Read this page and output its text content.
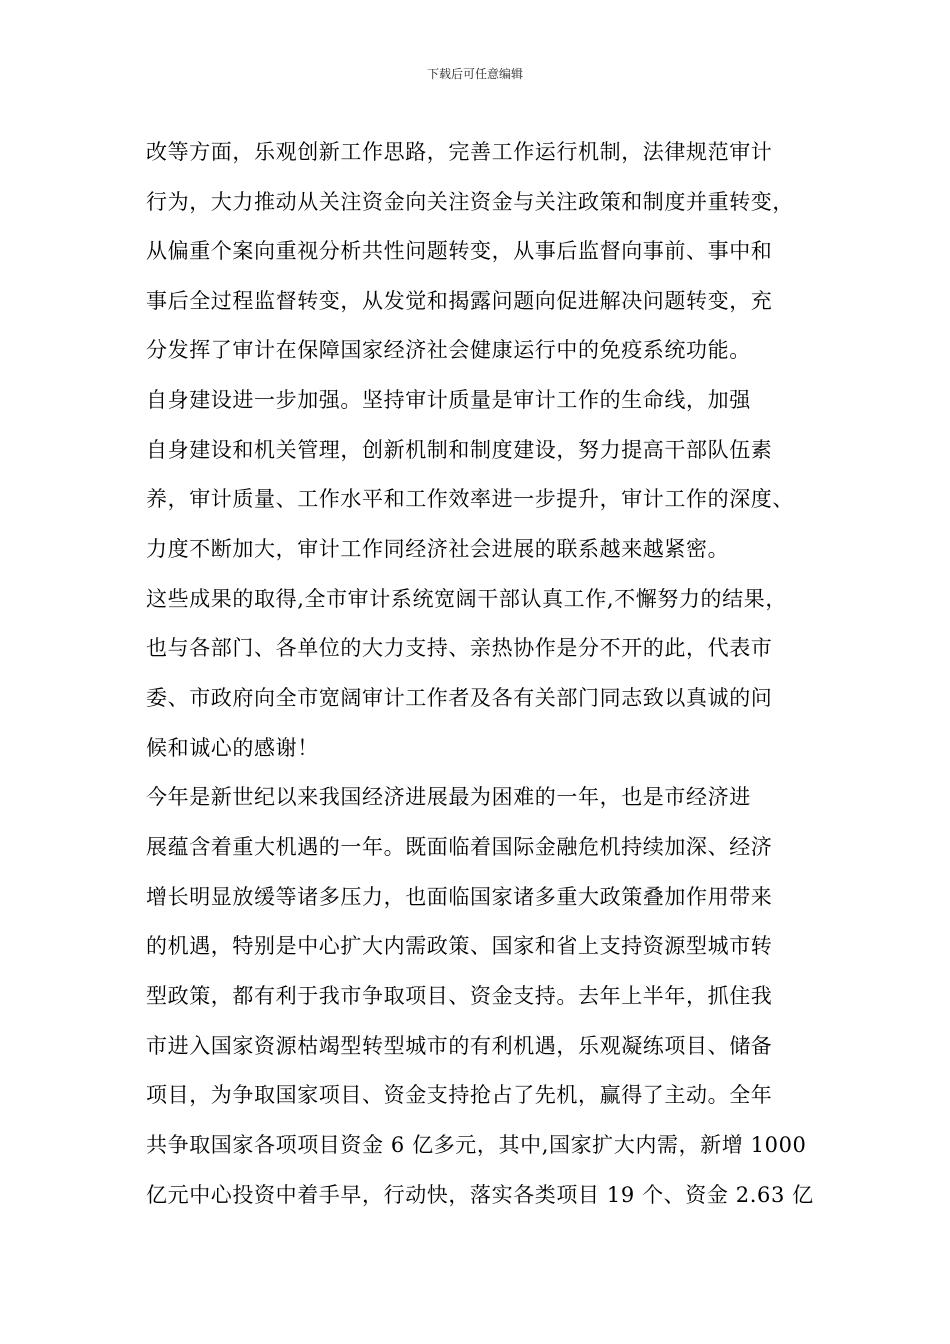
下载后可任意编辑
改等方面，乐观创新工作思路，完善工作运行机制，法律规范审计
行为，大力推动从关注资金向关注资金与关注政策和制度并重转变，
从偏重个案向重视分析共性问题转变，从事后监督向事前、事中和
事后全过程监督转变，从发觉和揭露问题向促进解决问题转变，充
分发挥了审计在保障国家经济社会健康运行中的免疫系统功能。
自身建设进一步加强。坚持审计质量是审计工作的生命线，加强
自身建设和机关管理，创新机制和制度建设，努力提高干部队伍素
养，审计质量、工作水平和工作效率进一步提升，审计工作的深度、
力度不断加大，审计工作同经济社会进展的联系越来越紧密。
这些成果的取得,全市审计系统宽阔干部认真工作,不懈努力的结果，
也与各部门、各单位的大力支持、亲热协作是分不开的此，代表市
委、市政府向全市宽阔审计工作者及各有关部门同志致以真诚的问
候和诚心的感谢！
今年是新世纪以来我国经济进展最为困难的一年，也是市经济进
展蕴含着重大机遇的一年。既面临着国际金融危机持续加深、经济
增长明显放缓等诸多压力，也面临国家诸多重大政策叠加作用带来
的机遇，特别是中心扩大内需政策、国家和省上支持资源型城市转
型政策，都有利于我市争取项目、资金支持。去年上半年，抓住我
市进入国家资源枯竭型转型城市的有利机遇，乐观凝练项目、储备
项目，为争取国家项目、资金支持抢占了先机，赢得了主动。全年
共争取国家各项项目资金 6 亿多元，其中,国家扩大内需，新增 1000
亿元中心投资中着手早，行动快，落实各类项目 19 个、资金 2.63 亿
